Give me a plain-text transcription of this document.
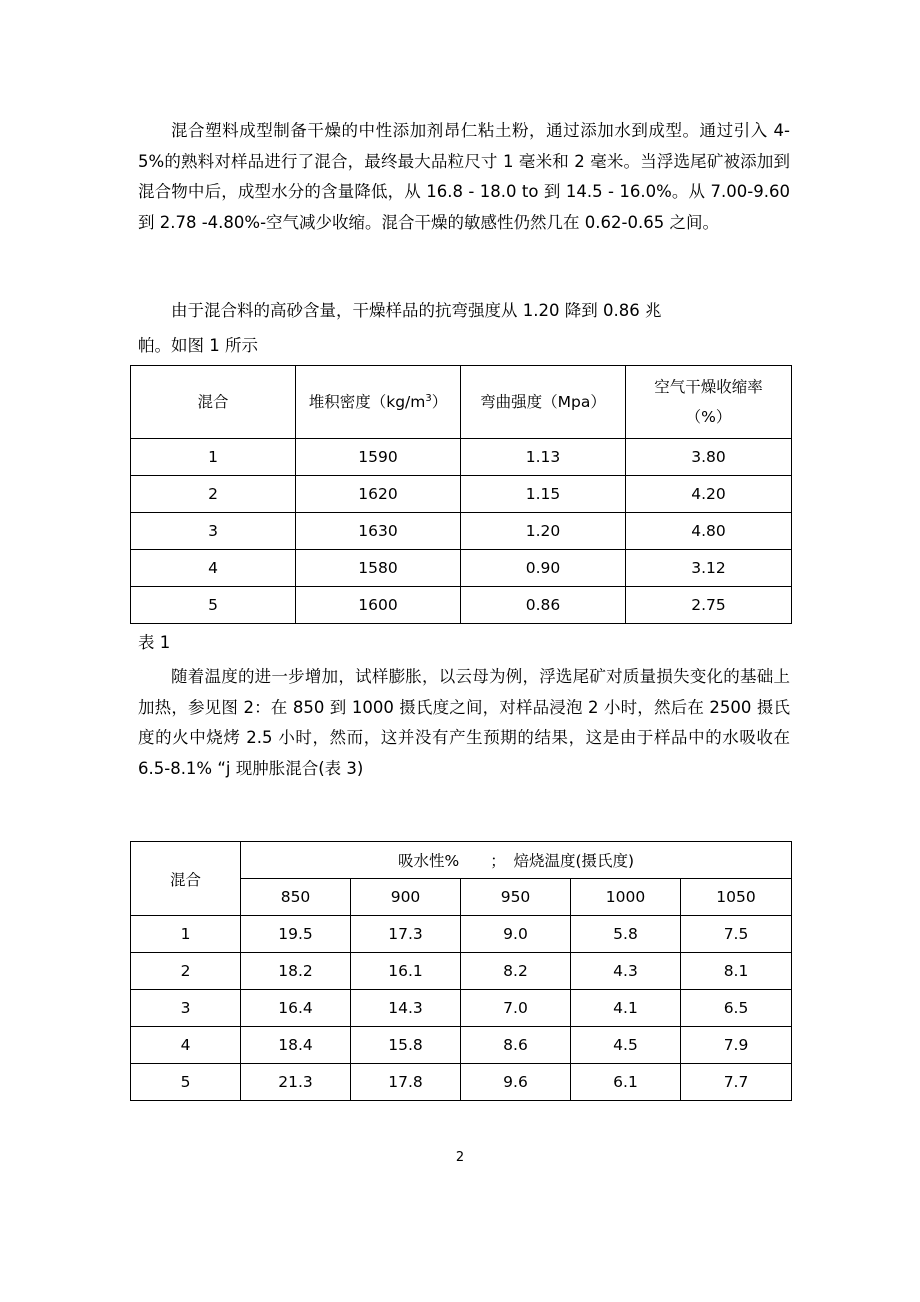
混合塑料成型制备干燥的中性添加剂昂仁粘土粉，通过添加水到成型。通过引入 4-5%的熟料对样品进行了混合，最终最大品粒尺寸 1 毫米和 2 毫米。当浮选尾矿被添加到混合物中后，成型水分的含量降低，从 16.8 - 18.0 to 到 14.5 - 16.0%。从 7.00-9.60 到 2.78 -4.80%-空气减少收缩。混合干燥的敏感性仍然几在 0.62-0.65 之间。

由于混合料的高砂含量，干燥样品的抗弯强度从 1.20 降到 0.86 兆

帕。如图 1 所示

混合	堆积密度$(kg/m^3)$	弯曲强度（Mpa）	空气干燥收缩率
（%）

1	1590	1.13	3.80
2	1620	1.15	4.20
3	1630	1.20	4.80
4	1580	0.90	3.12
5	1600	0.86	2.75

表 1

随着温度的进一步增加，试样膨胀，以云母为例，浮选尾矿对质量损失变化的基础上加热，参见图 2：在 850 到 1000 摄氏度之间，对样品浸泡 2 小时，然后在 2500 摄氏度的火中烧烤 2.5 小时，然而，这并没有产生预期的结果，这是由于样品中的水吸收在 6.5-8.1% “j 现肿胀混合(表 3)

混合	吸水性%　　；　焙烧温度(摄氏度)				
	850	900	950	1000	1050
1	19.5	17.3	9.0	5.8	7.5
2	18.2	16.1	8.2	4.3	8.1
3	16.4	14.3	7.0	4.1	6.5
4	18.4	15.8	8.6	4.5	7.9
5	21.3	17.8	9.6	6.1	7.7
2
